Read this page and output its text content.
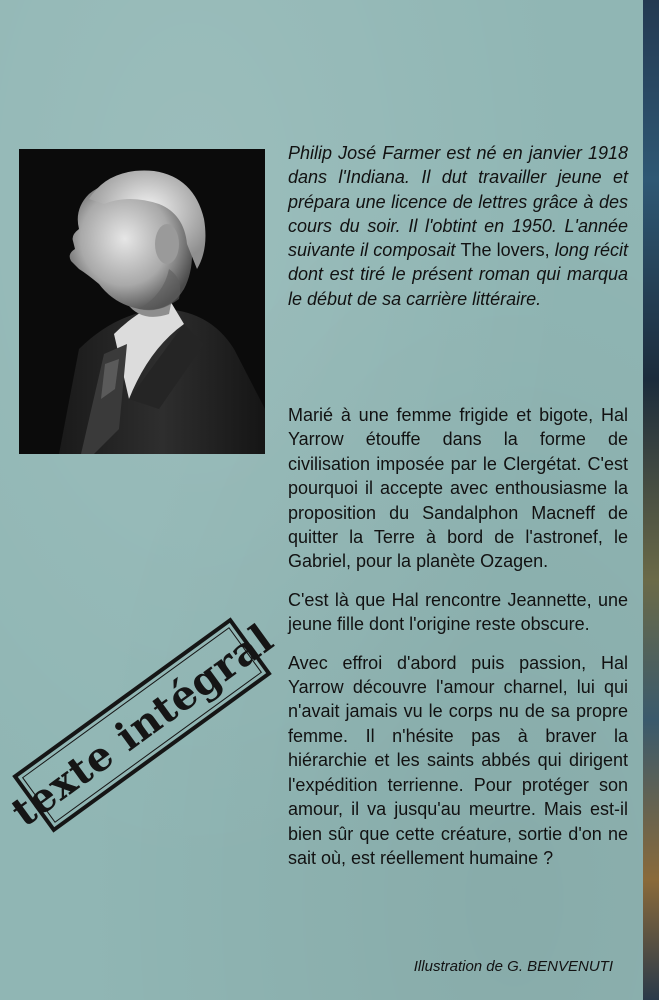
Philip José Farmer est né en janvier 1918 dans l'Indiana. Il dut travailler jeune et prépara une licence de lettres grâce à des cours du soir. Il l'obtint en 1950. L'année suivante il composait The lovers, long récit dont est tiré le présent roman qui marqua le début de sa carrière littéraire.

Marié à une femme frigide et bigote, Hal Yarrow étouffe dans la forme de civilisation imposée par le Clergétat. C'est pourquoi il accepte avec enthousiasme la proposition du Sandalphon Macneff de quitter la Terre à bord de l'astronef, le Gabriel, pour la planète Ozagen.

C'est là que Hal rencontre Jeannette, une jeune fille dont l'origine reste obscure.

Avec effroi d'abord puis passion, Hal Yarrow découvre l'amour charnel, lui qui n'avait jamais vu le corps nu de sa propre femme. Il n'hésite pas à braver la hiérarchie et les saints abbés qui dirigent l'expédition terrienne. Pour protéger son amour, il va jusqu'au meurtre. Mais est-il bien sûr que cette créature, sortie d'on ne sait où, est réellement humaine ?

texte intégral
Illustration de G. BENVENUTI
